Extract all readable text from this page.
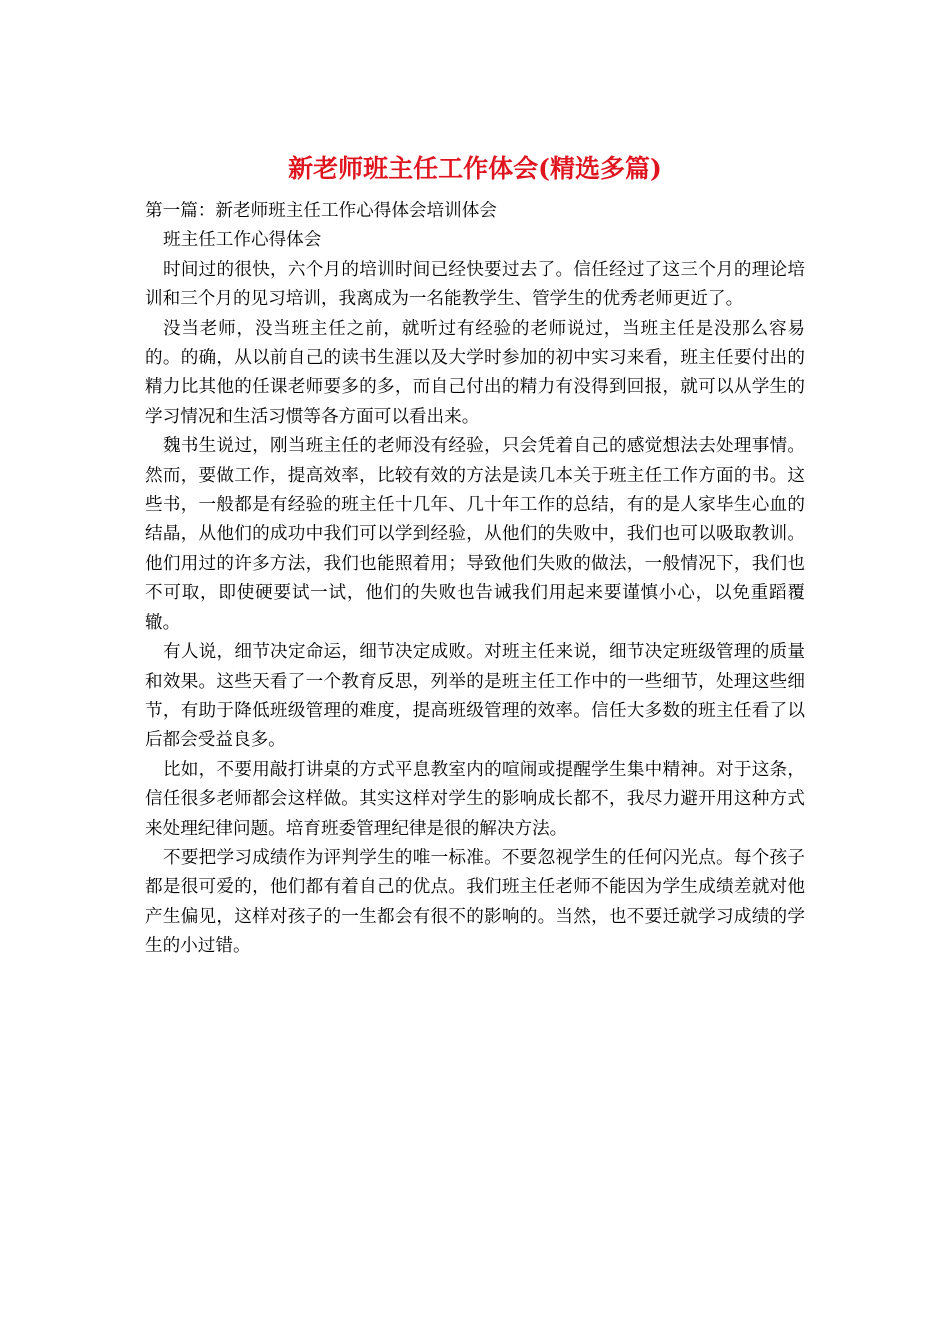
新老师班主任工作体会(精选多篇)

第一篇：新老师班主任工作心得体会培训体会

班主任工作心得体会

时间过的很快，六个月的培训时间已经快要过去了。信任经过了这三个月的理论培训和三个月的见习培训，我离成为一名能教学生、管学生的优秀老师更近了。

没当老师，没当班主任之前，就听过有经验的老师说过，当班主任是没那么容易的。的确，从以前自己的读书生涯以及大学时参加的初中实习来看，班主任要付出的精力比其他的任课老师要多的多，而自己付出的精力有没得到回报，就可以从学生的学习情况和生活习惯等各方面可以看出来。

魏书生说过，刚当班主任的老师没有经验，只会凭着自己的感觉想法去处理事情。然而，要做工作，提高效率，比较有效的方法是读几本关于班主任工作方面的书。这些书，一般都是有经验的班主任十几年、几十年工作的总结，有的是人家毕生心血的结晶，从他们的成功中我们可以学到经验，从他们的失败中，我们也可以吸取教训。他们用过的许多方法，我们也能照着用；导致他们失败的做法，一般情况下，我们也不可取，即使硬要试一试，他们的失败也告诫我们用起来要谨慎小心，以免重蹈覆辙。

有人说，细节决定命运，细节决定成败。对班主任来说，细节决定班级管理的质量和效果。这些天看了一个教育反思，列举的是班主任工作中的一些细节，处理这些细节，有助于降低班级管理的难度，提高班级管理的效率。信任大多数的班主任看了以后都会受益良多。

比如，不要用敲打讲桌的方式平息教室内的喧闹或提醒学生集中精神。对于这条，信任很多老师都会这样做。其实这样对学生的影响成长都不，我尽力避开用这种方式来处理纪律问题。培育班委管理纪律是很的解决方法。

不要把学习成绩作为评判学生的唯一标准。不要忽视学生的任何闪光点。每个孩子都是很可爱的，他们都有着自己的优点。我们班主任老师不能因为学生成绩差就对他产生偏见，这样对孩子的一生都会有很不的影响的。当然，也不要迁就学习成绩的学生的小过错。
